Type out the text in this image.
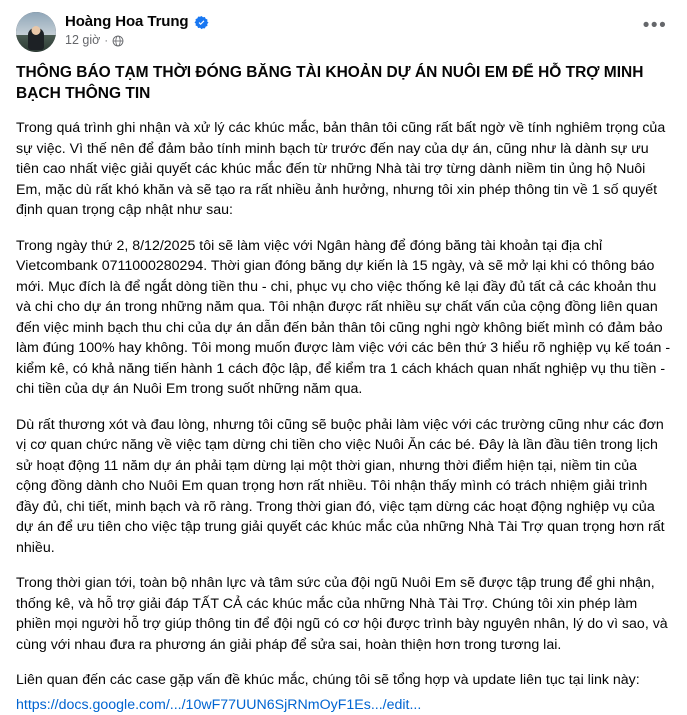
Hoàng Hoa Trung
12 giờ ·
•••
THÔNG BÁO TẠM THỜI ĐÓNG BĂNG TÀI KHOẢN DỰ ÁN NUÔI EM ĐỂ HỖ TRỢ MINH BẠCH THÔNG TIN

Trong quá trình ghi nhận và xử lý các khúc mắc, bản thân tôi cũng rất bất ngờ về tính nghiêm trọng của sự việc. Vì thế nên để đảm bảo tính minh bạch từ trước đến nay của dự án, cũng như là dành sự ưu tiên cao nhất việc giải quyết các khúc mắc đến từ những Nhà tài trợ từng dành niềm tin ủng hộ Nuôi Em, mặc dù rất khó khăn và sẽ tạo ra rất nhiều ảnh hưởng, nhưng tôi xin phép thông tin về 1 số quyết định quan trọng cập nhật như sau:

Trong ngày thứ 2, 8/12/2025 tôi sẽ làm việc với Ngân hàng để đóng băng tài khoản tại địa chỉ Vietcombank 0711000280294. Thời gian đóng băng dự kiến là 15 ngày, và sẽ mở lại khi có thông báo mới. Mục đích là để ngắt dòng tiền thu - chi, phục vụ cho việc thống kê lại đầy đủ tất cả các khoản thu và chi cho dự án trong những năm qua. Tôi nhận được rất nhiều sự chất vấn của cộng đồng liên quan đến việc minh bạch thu chi của dự án dẫn đến bản thân tôi cũng nghi ngờ không biết mình có đảm bảo làm đúng 100% hay không. Tôi mong muốn được làm việc với các bên thứ 3 hiểu rõ nghiệp vụ kế toán - kiểm kê, có khả năng tiến hành 1 cách độc lập, để kiểm tra 1 cách khách quan nhất nghiệp vụ thu tiền - chi tiền của dự án Nuôi Em trong suốt những năm qua.

Dù rất thương xót và đau lòng, nhưng tôi cũng sẽ buộc phải làm việc với các trường cũng như các đơn vị cơ quan chức năng về việc tạm dừng chi tiền cho việc Nuôi Ăn các bé. Đây là lần đầu tiên trong lịch sử hoạt động 11 năm dự án phải tạm dừng lại một thời gian, nhưng thời điểm hiện tại, niềm tin của cộng đồng dành cho Nuôi Em quan trọng hơn rất nhiều. Tôi nhận thấy mình có trách nhiệm giải trình đầy đủ, chi tiết, minh bạch và rõ ràng. Trong thời gian đó, việc tạm dừng các hoạt động nghiệp vụ của dự án để ưu tiên cho việc tập trung giải quyết các khúc mắc của những Nhà Tài Trợ quan trọng hơn rất nhiều.

Trong thời gian tới, toàn bộ nhân lực và tâm sức của đội ngũ Nuôi Em sẽ được tập trung để ghi nhận, thống kê, và hỗ trợ giải đáp TẤT CẢ các khúc mắc của những Nhà Tài Trợ. Chúng tôi xin phép làm phiền mọi người hỗ trợ giúp thông tin để đội ngũ có cơ hội được trình bày nguyên nhân, lý do vì sao, và cùng với nhau đưa ra phương án giải pháp để sửa sai, hoàn thiện hơn trong tương lai.

Liên quan đến các case gặp vấn đề khúc mắc, chúng tôi sẽ tổng hợp và update liên tục tại link này:

https://docs.google.com/.../10wF77UUN6SjRNmOyF1Es.../edit...
